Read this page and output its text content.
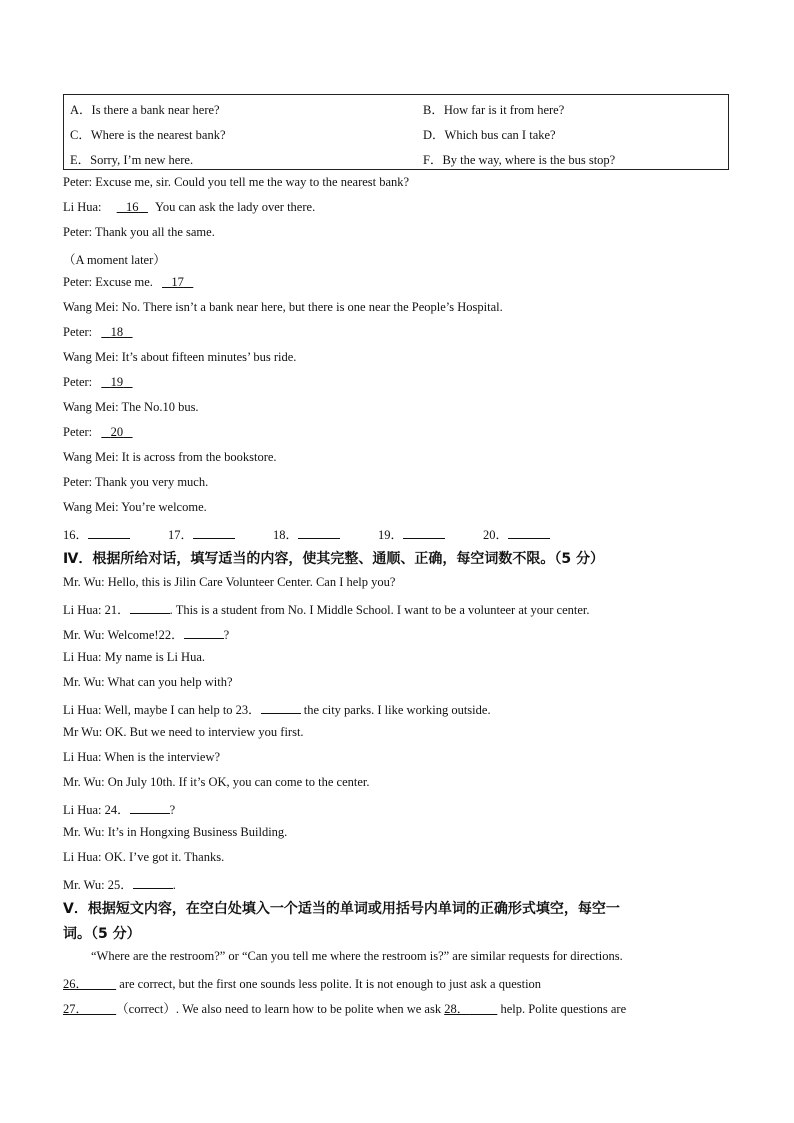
A．Is there a bank near here?	B．How far is it from here?
C．Where is the nearest bank?	D．Which bus can I take?
E．Sorry, I’m new here.	F．By the way, where is the bus stop?
Peter: Excuse me, sir. Could you tell me the way to the nearest bank?
Li Hua: 16 You can ask the lady over there.
Peter: Thank you all the same.
（A moment later）
Peter: Excuse me. 17
Wang Mei: No. There isn’t a bank near here, but there is one near the People’s Hospital.
Peter: 18
Wang Mei: It’s about fifteen minutes’ bus ride.
Peter: 19
Wang Mei: The No.10 bus.
Peter: 20
Wang Mei: It is across from the bookstore.
Peter: Thank you very much.
Wang Mei: You’re welcome.
16．	17．	18．	19．	20．
Ⅳ．根据所给对话，填写适当的内容，使其完整、通顺、正确，每空词数不限。（5 分）
Mr. Wu: Hello, this is Jilin Care Volunteer Center. Can I help you?
Li Hua: 21．	. This is a student from No. I Middle School. I want to be a volunteer at your center.
Mr. Wu: Welcome!22．	?
Li Hua: My name is Li Hua.
Mr. Wu: What can you help with?
Li Hua: Well, maybe I can help to 23．	the city parks. I like working outside.
Mr Wu: OK. But we need to interview you first.
Li Hua: When is the interview?
Mr. Wu: On July 10th. If it’s OK, you can come to the center.
Li Hua: 24．	?
Mr. Wu: It’s in Hongxing Business Building.
Li Hua: OK. I’ve got it. Thanks.
Mr. Wu: 25．	.
Ⅴ．根据短文内容，在空白处填入一个适当的单词或用括号内单词的正确形式填空，每空一
词。（5 分）
“Where are the restroom?” or “Can you tell me where the restroom is?” are similar requests for directions.
26．	are correct, but the first one sounds less polite. It is not enough to just ask a question
27． （correct）. We also need to learn how to be polite when we ask 28．	help. Polite questions are
